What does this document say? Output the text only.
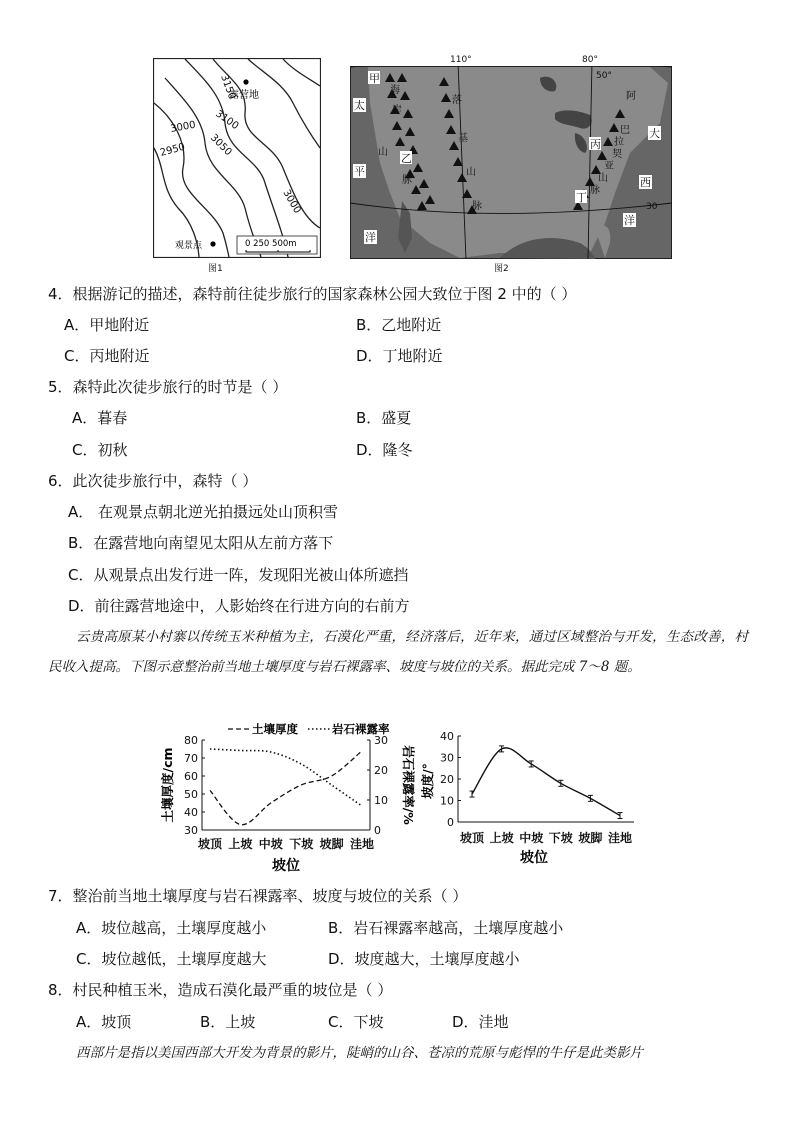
3150
3100
3050
3000
2950
3000
露营地
观景点	0 250 500m
图1
110°	80°
50°
30
甲
乙
丙
丁
太
平
洋
大
西
洋
落
基
山
脉
海
岸
山
脉
阿
巴
拉
契
亚
山
脉
图2
4．根据游记的描述，森特前往徒步旅行的国家森林公园大致位于图 2 中的（ ）
A．甲地附近	B．乙地附近
C．丙地附近	D．丁地附近
5．森特此次徒步旅行的时节是（ ）
A．暮春	B．盛夏
C．初秋	D．隆冬
6．此次徒步旅行中，森特（ ）
A． 在观景点朝北逆光拍摄远处山顶积雪
B．在露营地向南望见太阳从左前方落下
C．从观景点出发行进一阵，发现阳光被山体所遮挡
D．前往露营地途中，人影始终在行进方向的右前方
云贵高原某小村寨以传统玉米种植为主，石漠化严重，经济落后，近年来，通过区域整治与开发，生态改善，村民收入提高。下图示意整治前当地土壤厚度与岩石裸露率、坡度与坡位的关系。据此完成 7～8 题。
30
40
50
60
70
80
0
10
20
30
坡顶 上坡 中坡 下坡 坡脚 洼地
土壤厚度	岩石裸露率
土壤厚度/cm	岩石裸露率/%
坡位
0
10
20
30
40
坡顶 上坡 中坡 下坡 坡脚 洼地
坡度/°
坡位
7．整治前当地土壤厚度与岩石裸露率、坡度与坡位的关系（ ）
A．坡位越高，土壤厚度越小	B．岩石裸露率越高，土壤厚度越小
C．坡位越低，土壤厚度越大	D．坡度越大，土壤厚度越小
8．村民种植玉米，造成石漠化最严重的坡位是（ ）
A．坡顶	B．上坡	C．下坡	D．洼地
西部片是指以美国西部大开发为背景的影片，陡峭的山谷、苍凉的荒原与彪悍的牛仔是此类影片
